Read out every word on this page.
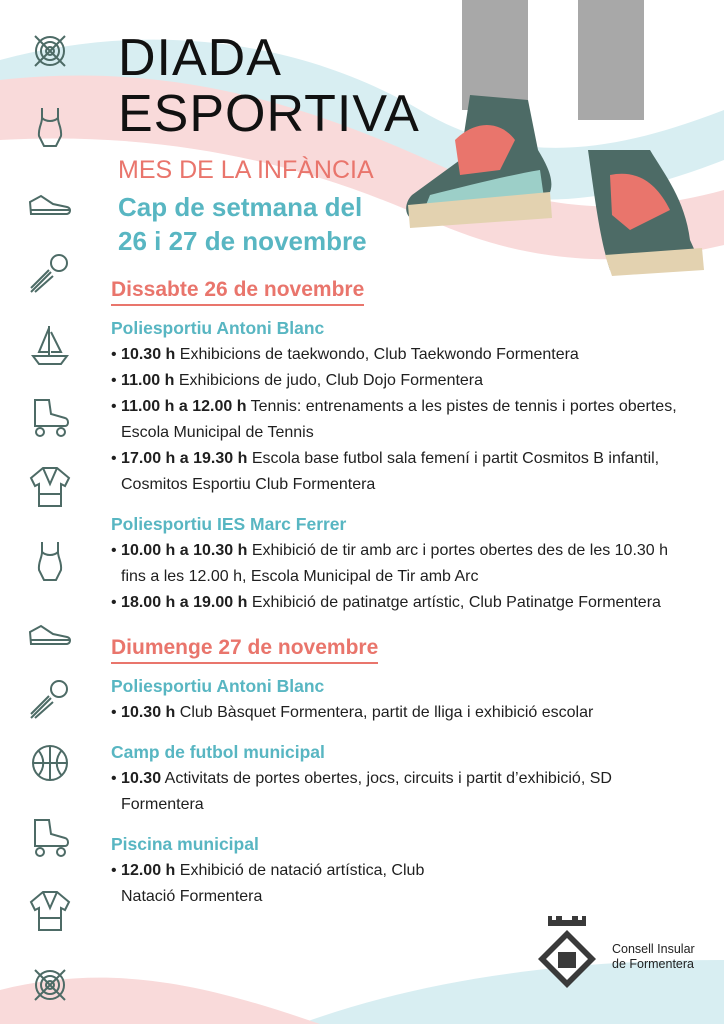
DIADA
ESPORTIVA

MES DE LA INFÀNCIA

Cap de setmana del
26 i 27 de novembre

Dissabte 26 de novembre

Poliesportiu Antoni Blanc

• 10.30 h Exhibicions de taekwondo, Club Taekwondo Formentera

• 11.00 h Exhibicions de judo, Club Dojo Formentera

• 11.00 h a 12.00 h Tennis: entrenaments a les pistes de tennis i portes obertes, Escola Municipal de Tennis

• 17.00 h a 19.30 h Escola base futbol sala femení i partit Cosmitos B infantil, Cosmitos Esportiu Club Formentera

Poliesportiu IES Marc Ferrer

• 10.00 h a 10.30 h Exhibició de tir amb arc i portes obertes des de les 10.30 h fins a les 12.00 h, Escola Municipal de Tir amb Arc

• 18.00 h a 19.00 h Exhibició de patinatge artístic, Club Patinatge Formentera

Diumenge 27 de novembre

Poliesportiu Antoni Blanc

• 10.30 h Club Bàsquet Formentera, partit de lliga i exhibició escolar

Camp de futbol municipal

• 10.30 Activitats de portes obertes, jocs, circuits i partit d’exhibició, SD Formentera

Piscina municipal

• 12.00 h Exhibició de natació artística, Club Natació Formentera

Consell Insular
de Formentera
